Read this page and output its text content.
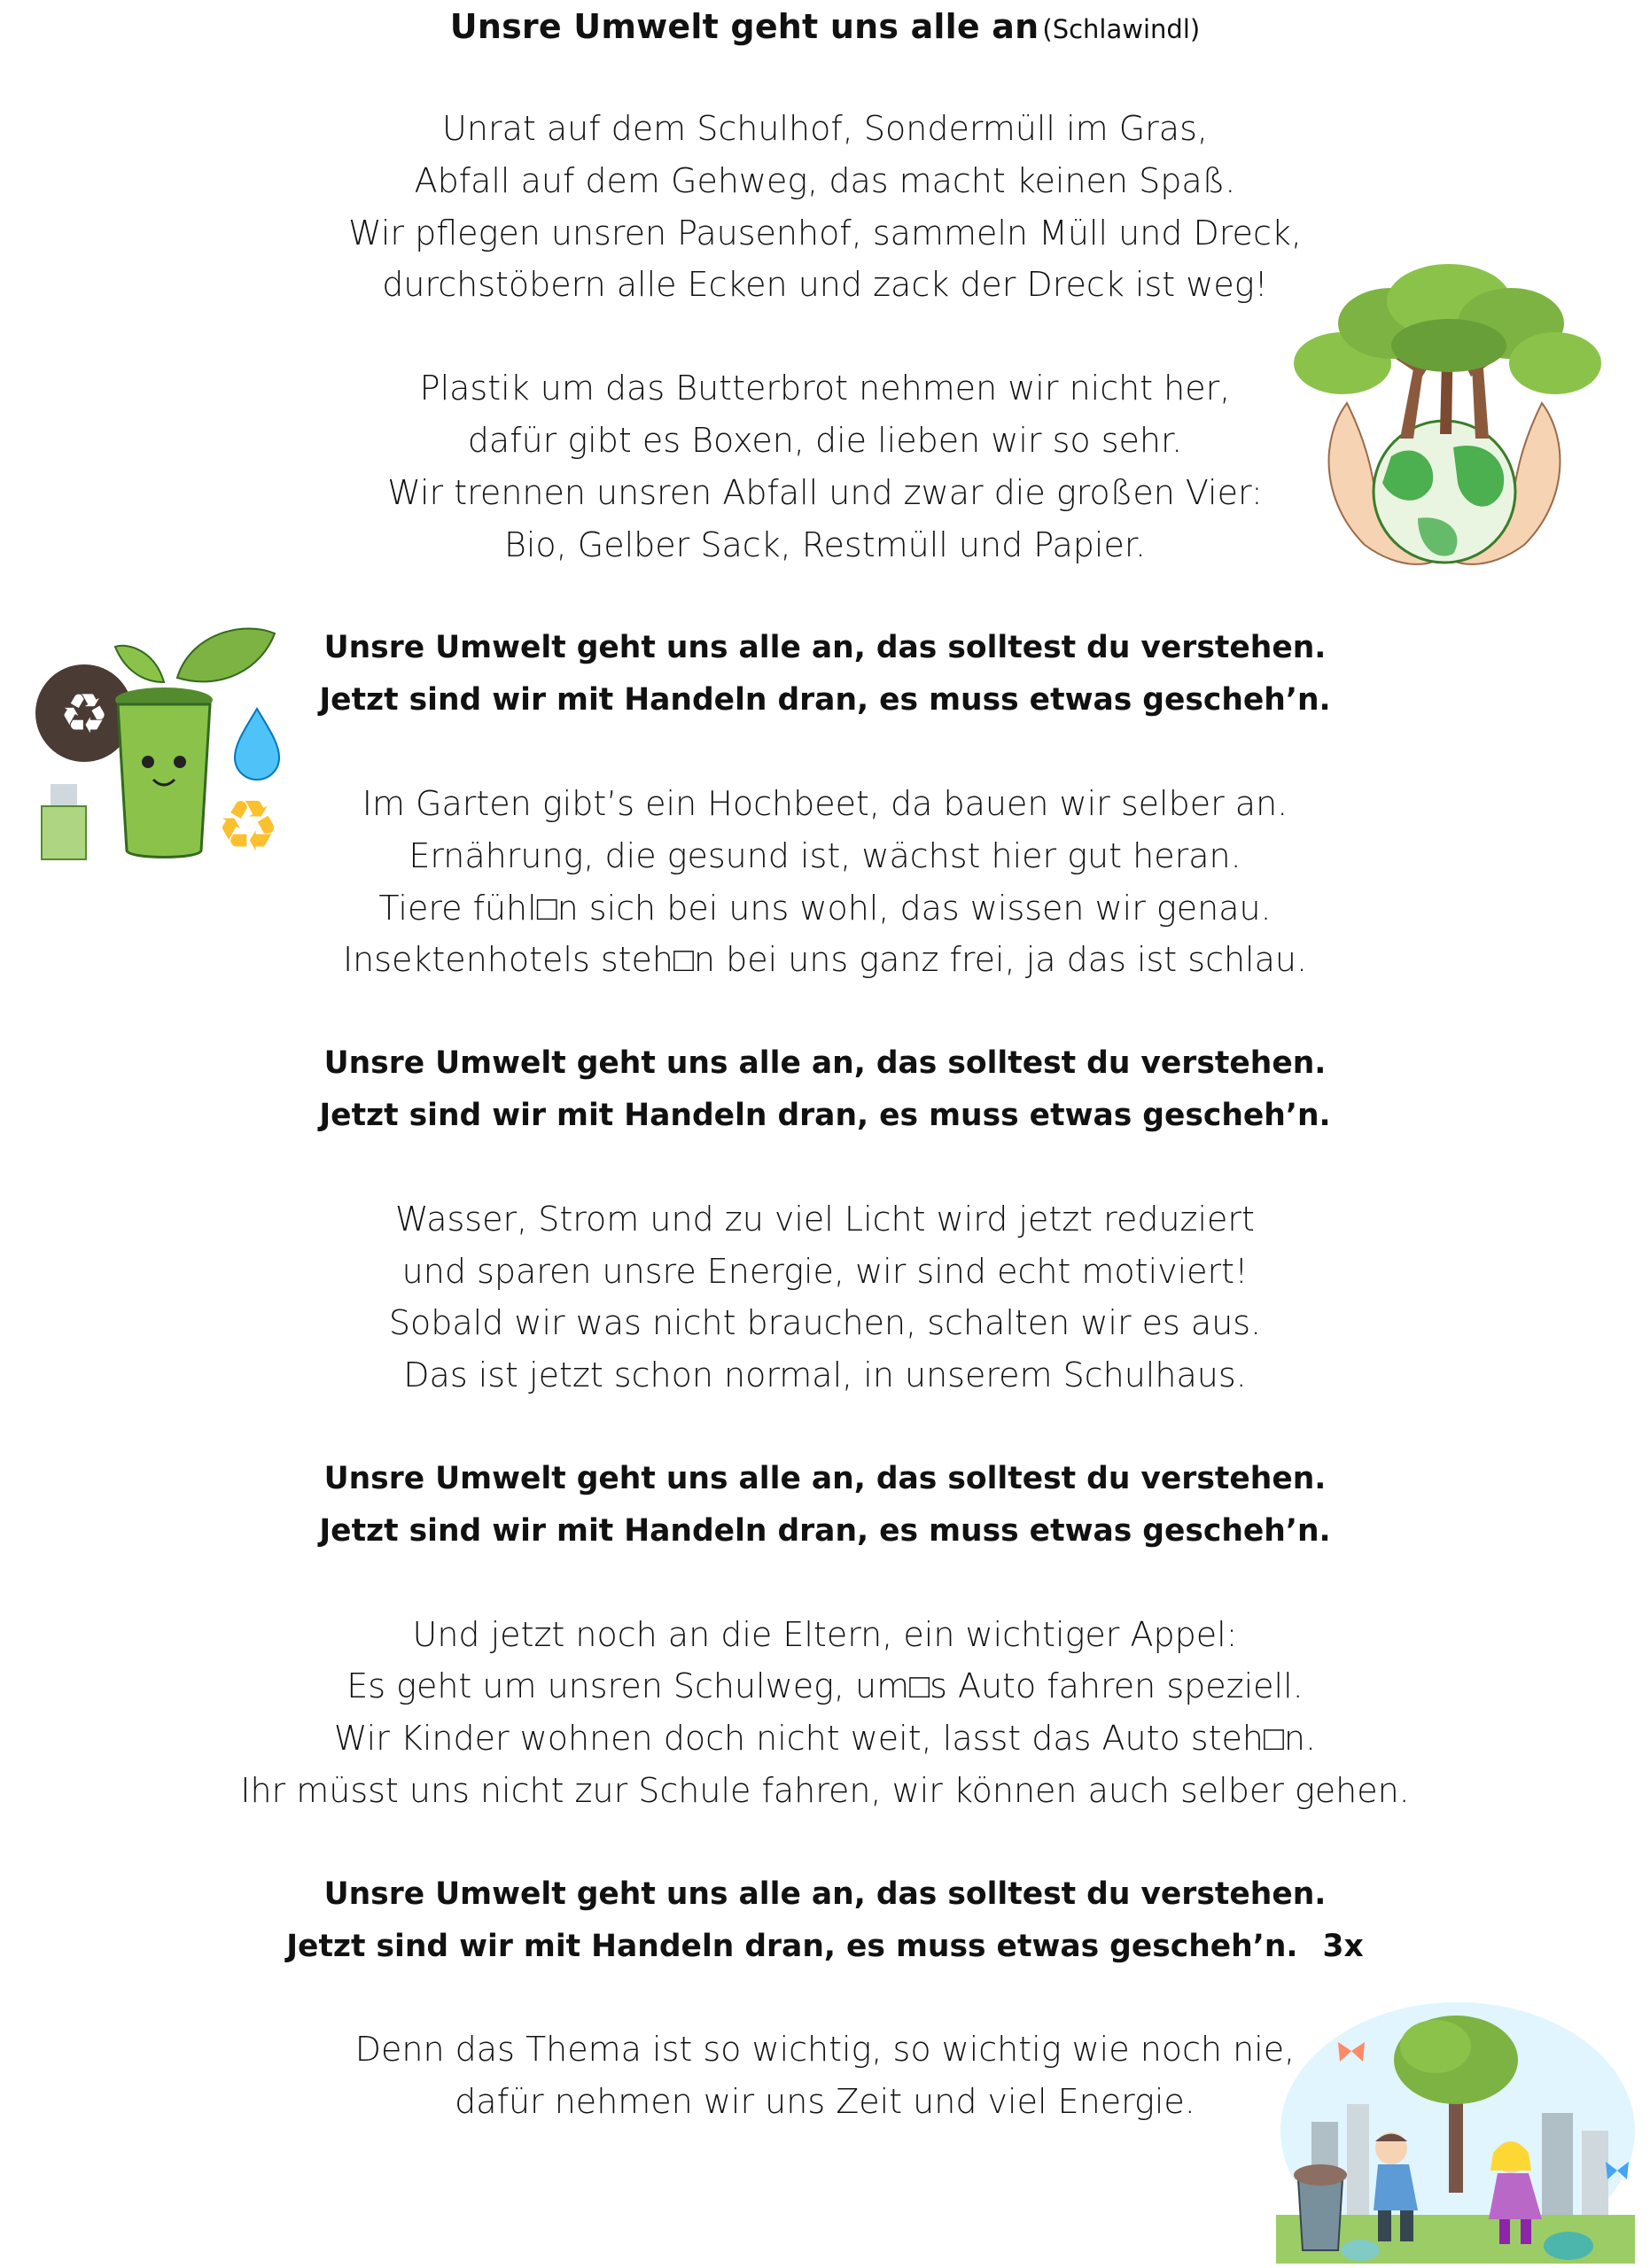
Unsre Umwelt geht uns alle an (Schlawindl)
Unrat auf dem Schulhof, Sondermüll im Gras,
Abfall auf dem Gehweg, das macht keinen Spaß.
Wir pflegen unsren Pausenhof, sammeln Müll und Dreck,
durchstöbern alle Ecken und zack der Dreck ist weg!
Plastik um das Butterbrot nehmen wir nicht her,
dafür gibt es Boxen, die lieben wir so sehr.
Wir trennen unsren Abfall und zwar die großen Vier:
Bio, Gelber Sack, Restmüll und Papier.
Unsre Umwelt geht uns alle an, das solltest du verstehen.
Jetzt sind wir mit Handeln dran, es muss etwas gescheh’n.
Im Garten gibt’s ein Hochbeet, da bauen wir selber an.
Ernährung, die gesund ist, wächst hier gut heran.
Tiere fühl□n sich bei uns wohl, das wissen wir genau.
Insektenhotels steh□n bei uns ganz frei, ja das ist schlau.
Unsre Umwelt geht uns alle an, das solltest du verstehen.
Jetzt sind wir mit Handeln dran, es muss etwas gescheh’n.
Wasser, Strom und zu viel Licht wird jetzt reduziert
und sparen unsre Energie, wir sind echt motiviert!
Sobald wir was nicht brauchen, schalten wir es aus.
Das ist jetzt schon normal, in unserem Schulhaus.
Unsre Umwelt geht uns alle an, das solltest du verstehen.
Jetzt sind wir mit Handeln dran, es muss etwas gescheh’n.
Und jetzt noch an die Eltern, ein wichtiger Appel:
Es geht um unsren Schulweg, um□s Auto fahren speziell.
Wir Kinder wohnen doch nicht weit, lasst das Auto steh□n.
Ihr müsst uns nicht zur Schule fahren, wir können auch selber gehen.
Unsre Umwelt geht uns alle an, das solltest du verstehen.
Jetzt sind wir mit Handeln dran, es muss etwas gescheh’n. 3x
Denn das Thema ist so wichtig, so wichtig wie noch nie,
dafür nehmen wir uns Zeit und viel Energie.
♻
♻
